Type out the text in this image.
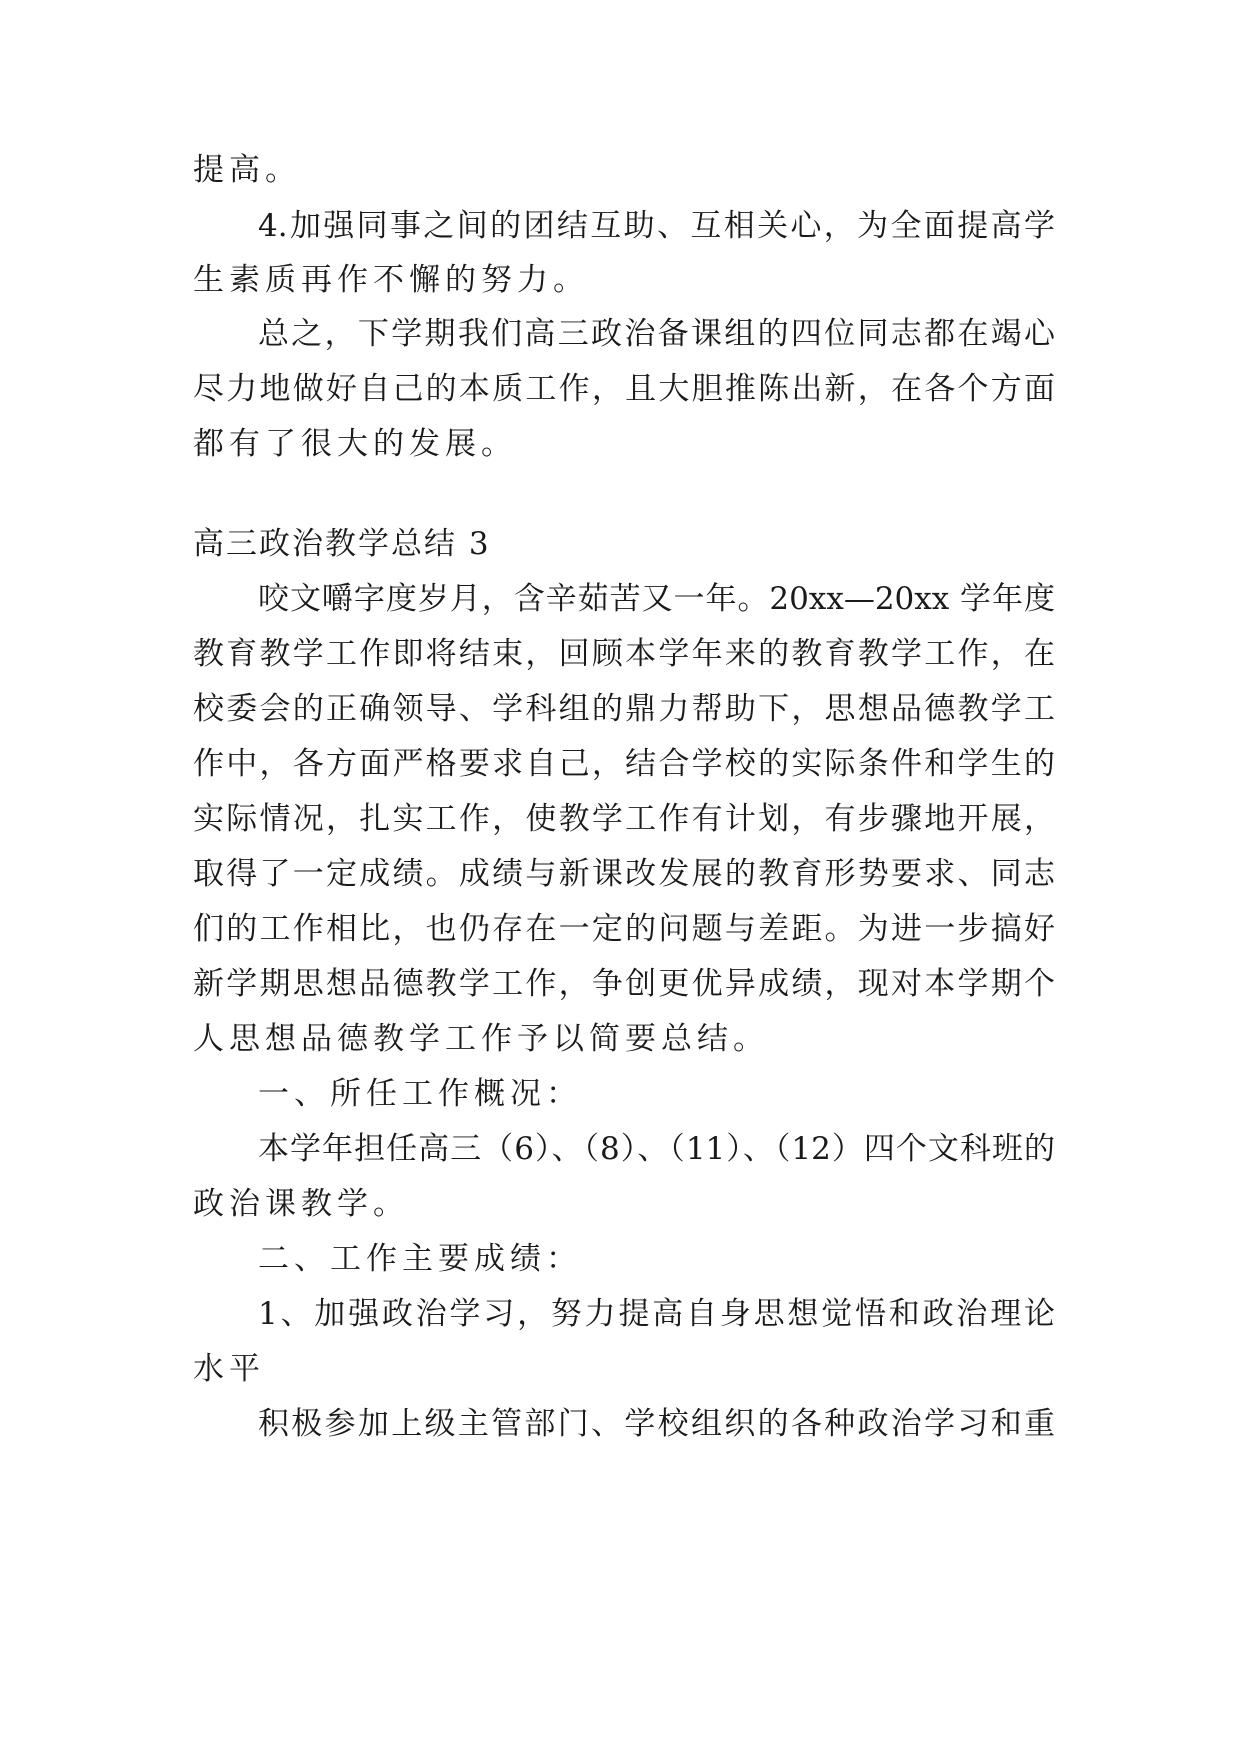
提高。
4.加强同事之间的团结互助、互相关心，为全面提高学
生素质再作不懈的努力。
总之，下学期我们高三政治备课组的四位同志都在竭心
尽力地做好自己的本质工作，且大胆推陈出新，在各个方面
都有了很大的发展。
高三政治教学总结 3
咬文嚼字度岁月，含辛茹苦又一年。20xx—20xx 学年度
教育教学工作即将结束，回顾本学年来的教育教学工作，在
校委会的正确领导、学科组的鼎力帮助下，思想品德教学工
作中，各方面严格要求自己，结合学校的实际条件和学生的
实际情况，扎实工作，使教学工作有计划，有步骤地开展，
取得了一定成绩。成绩与新课改发展的教育形势要求、同志
们的工作相比，也仍存在一定的问题与差距。为进一步搞好
新学期思想品德教学工作，争创更优异成绩，现对本学期个
人思想品德教学工作予以简要总结。
一、所任工作概况：
本学年担任高三（6）、（8）、（11）、（12）四个文科班的
政治课教学。
二、工作主要成绩：
1、加强政治学习，努力提高自身思想觉悟和政治理论
水平
积极参加上级主管部门、学校组织的各种政治学习和重
